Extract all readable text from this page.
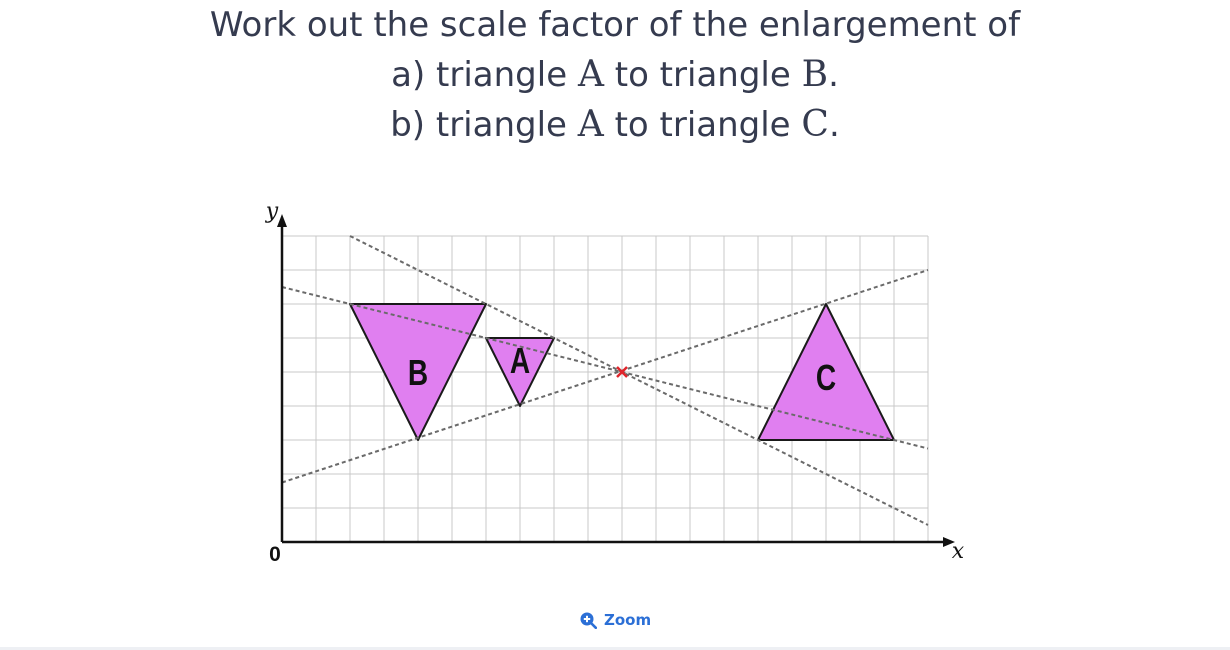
Work out the scale factor of the enlargement of
a) triangle A to triangle B.
b) triangle A to triangle C.
y
x
0
B A	C
Zoom
